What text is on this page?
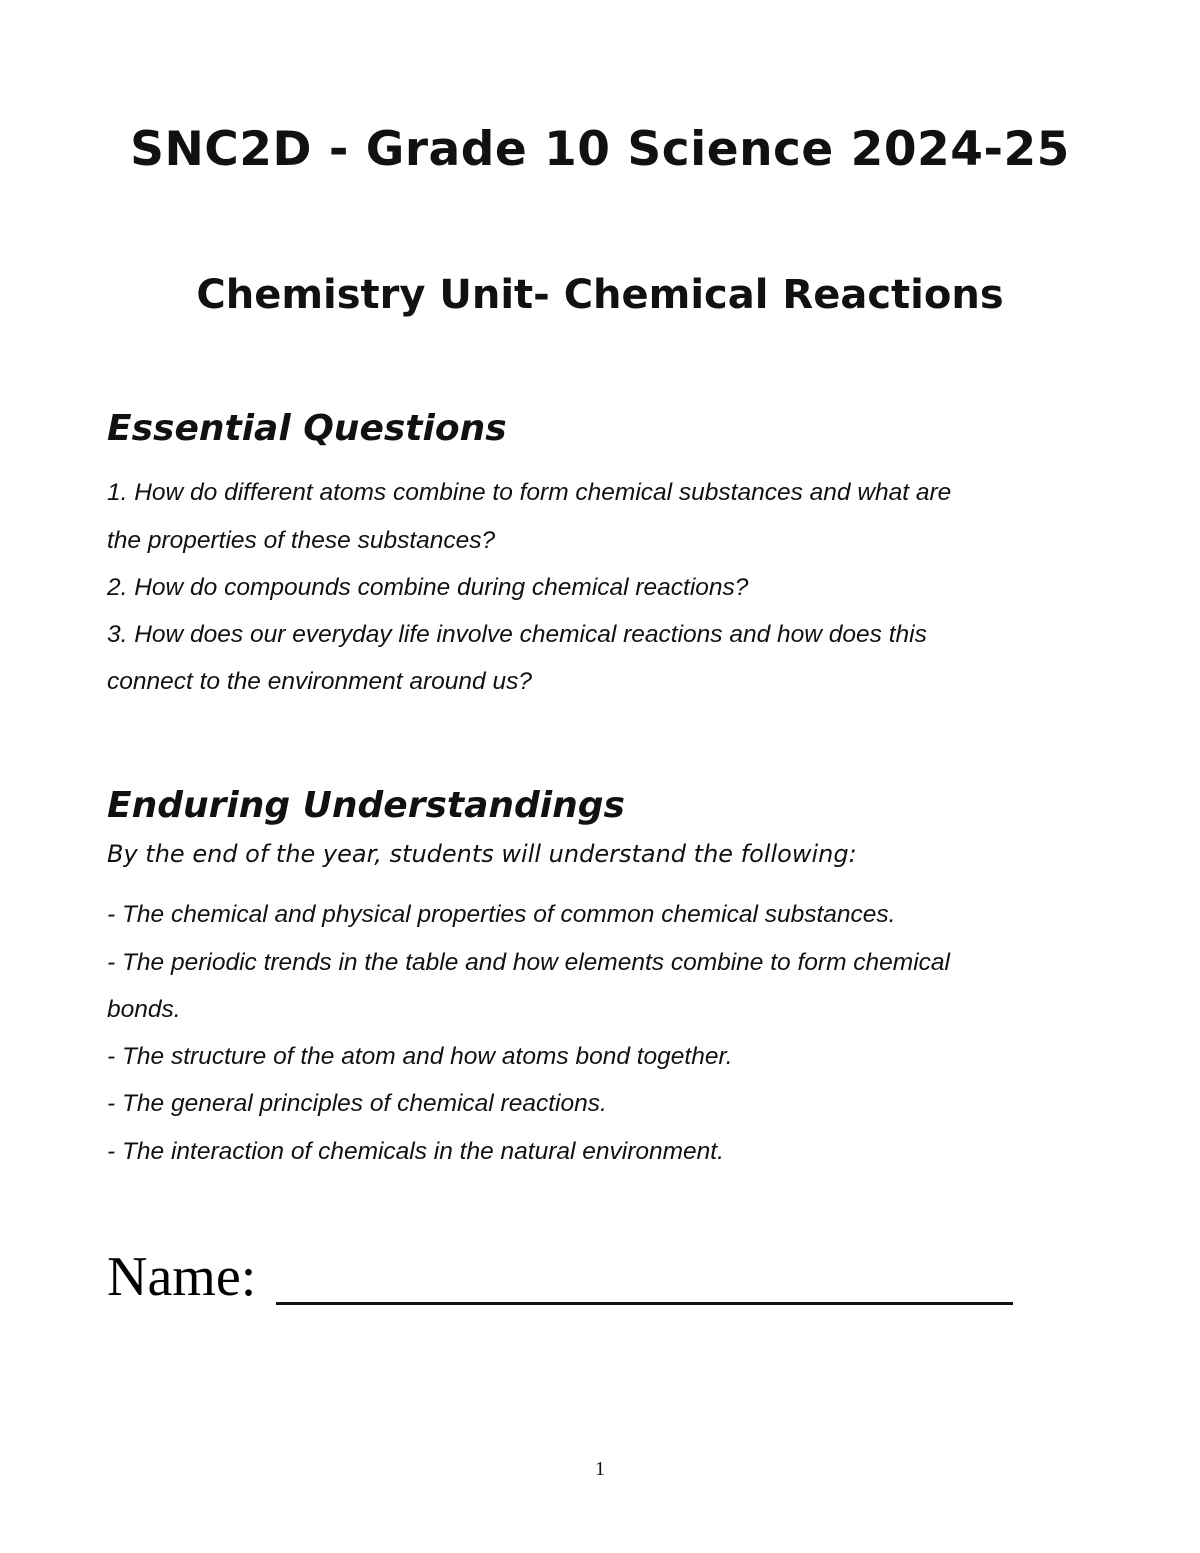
SNC2D - Grade 10 Science 2024-25
Chemistry Unit- Chemical Reactions
Essential Questions
1. How do different atoms combine to form chemical substances and what are
the properties of these substances?
2. How do compounds combine during chemical reactions?
3. How does our everyday life involve chemical reactions and how does this
connect to the environment around us?
Enduring Understandings
By the end of the year, students will understand the following:
- The chemical and physical properties of common chemical substances.
- The periodic trends in the table and how elements combine to form chemical
bonds.
- The structure of the atom and how atoms bond together.
- The general principles of chemical reactions.
- The interaction of chemicals in the natural environment.
Name:
1
